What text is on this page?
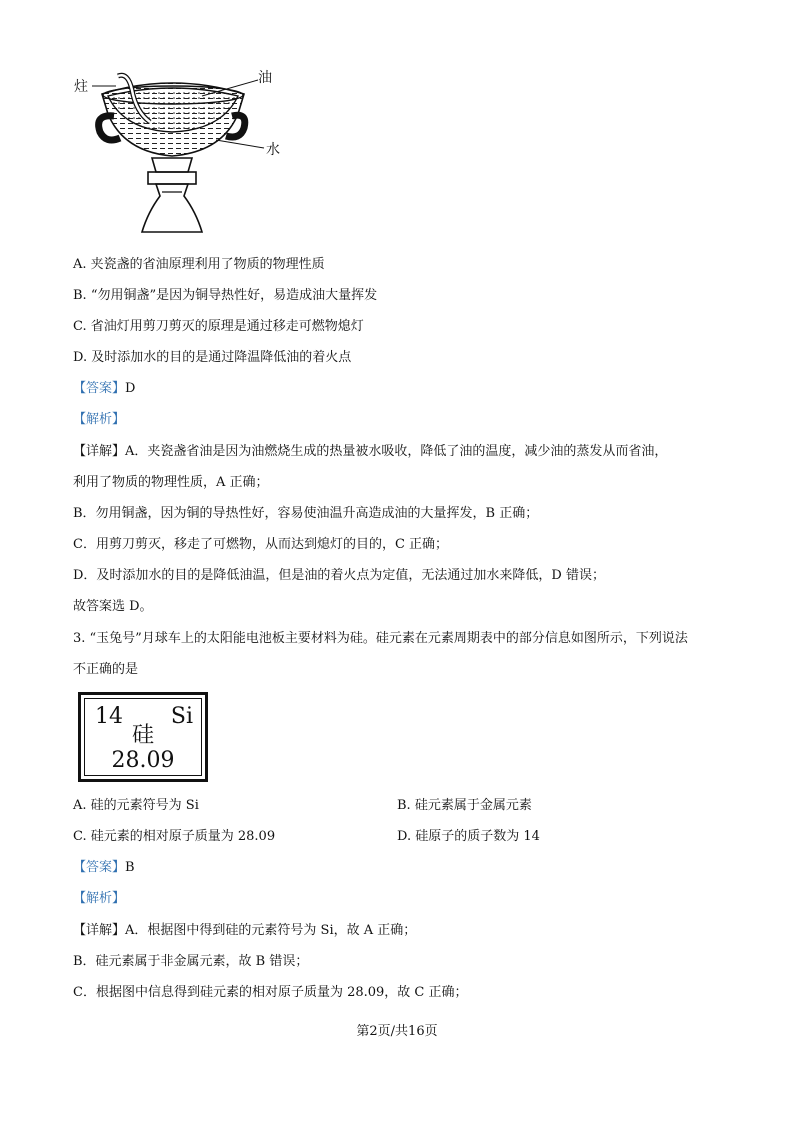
炷
油
水
A. 夹瓷盏的省油原理利用了物质的物理性质
B. “勿用铜盏”是因为铜导热性好，易造成油大量挥发
C. 省油灯用剪刀剪灭的原理是通过移走可燃物熄灯
D. 及时添加水的目的是通过降温降低油的着火点
【答案】D
【解析】
【详解】A．夹瓷盏省油是因为油燃烧生成的热量被水吸收，降低了油的温度，减少油的蒸发从而省油，
利用了物质的物理性质，A 正确；
B．勿用铜盏，因为铜的导热性好，容易使油温升高造成油的大量挥发，B 正确；
C．用剪刀剪灭，移走了可燃物，从而达到熄灯的目的，C 正确；
D．及时添加水的目的是降低油温，但是油的着火点为定值，无法通过加水来降低，D 错误；
故答案选 D。
3. “玉兔号”月球车上的太阳能电池板主要材料为硅。硅元素在元素周期表中的部分信息如图所示，下列说法
不正确的是
14 Si
硅
28.09
A. 硅的元素符号为 Si	B. 硅元素属于金属元素
C. 硅元素的相对原子质量为 28.09	D. 硅原子的质子数为 14
【答案】B
【解析】
【详解】A．根据图中得到硅的元素符号为 Si，故 A 正确；
B．硅元素属于非金属元素，故 B 错误；
C．根据图中信息得到硅元素的相对原子质量为 28.09，故 C 正确；
第2页/共16页
